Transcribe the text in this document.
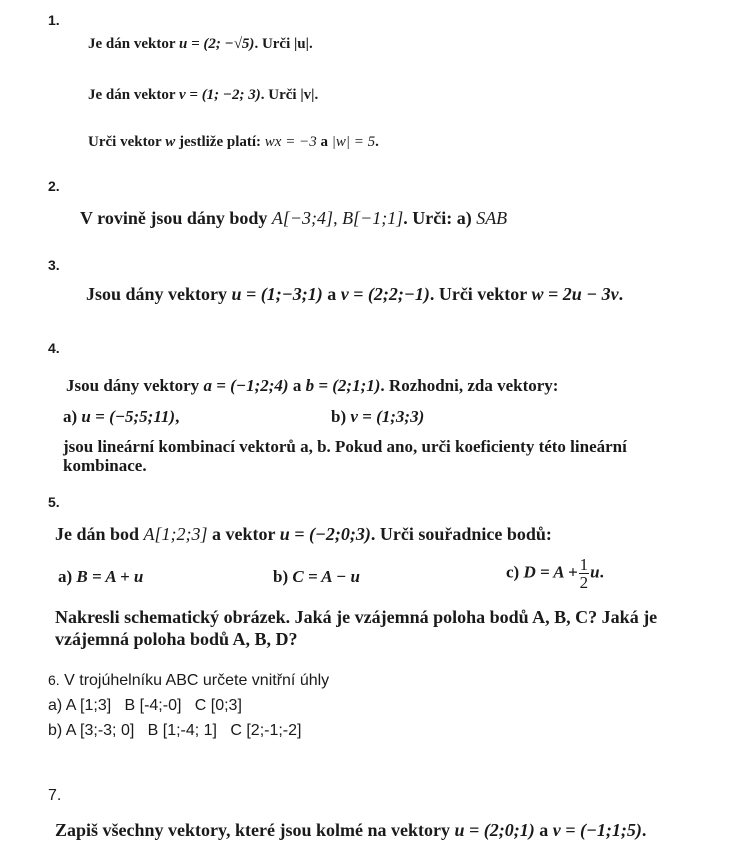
1.
Je dán vektor u = (2; −√5). Urči |u|.
Je dán vektor v = (1; −2; 3). Urči |v|.
Urči vektor w jestliže platí: wx = −3 a |w| = 5.
2.
V rovině jsou dány body A[−3;4], B[−1;1]. Urči: a) SAB
3.
Jsou dány vektory u = (1;−3;1) a v = (2;2;−1). Urči vektor w = 2u − 3v.
4.
Jsou dány vektory a = (−1;2;4) a b = (2;1;1). Rozhodni, zda vektory:
a) u = (−5;5;11),	b) v = (1;3;3)
jsou lineární kombinací vektorů a, b. Pokud ano, urči koeficienty této lineární kombinace.
5.
Je dán bod A[1;2;3] a vektor u = (−2;0;3). Urči souřadnice bodů:
a) B = A + u	b) C = A − u	c) $D = A + \frac{1}{2} u$.
Nakresli schematický obrázek. Jaká je vzájemná poloha bodů A, B, C? Jaká je vzájemná poloha bodů A, B, D?
6. V trojúhelníku ABC určete vnitřní úhly
a) A [1;3] B [-4;-0] C [0;3]
b) A [3;-3; 0] B [1;-4; 1] C [2;-1;-2]
7.
Zapiš všechny vektory, které jsou kolmé na vektory u = (2;0;1) a v = (−1;1;5).
